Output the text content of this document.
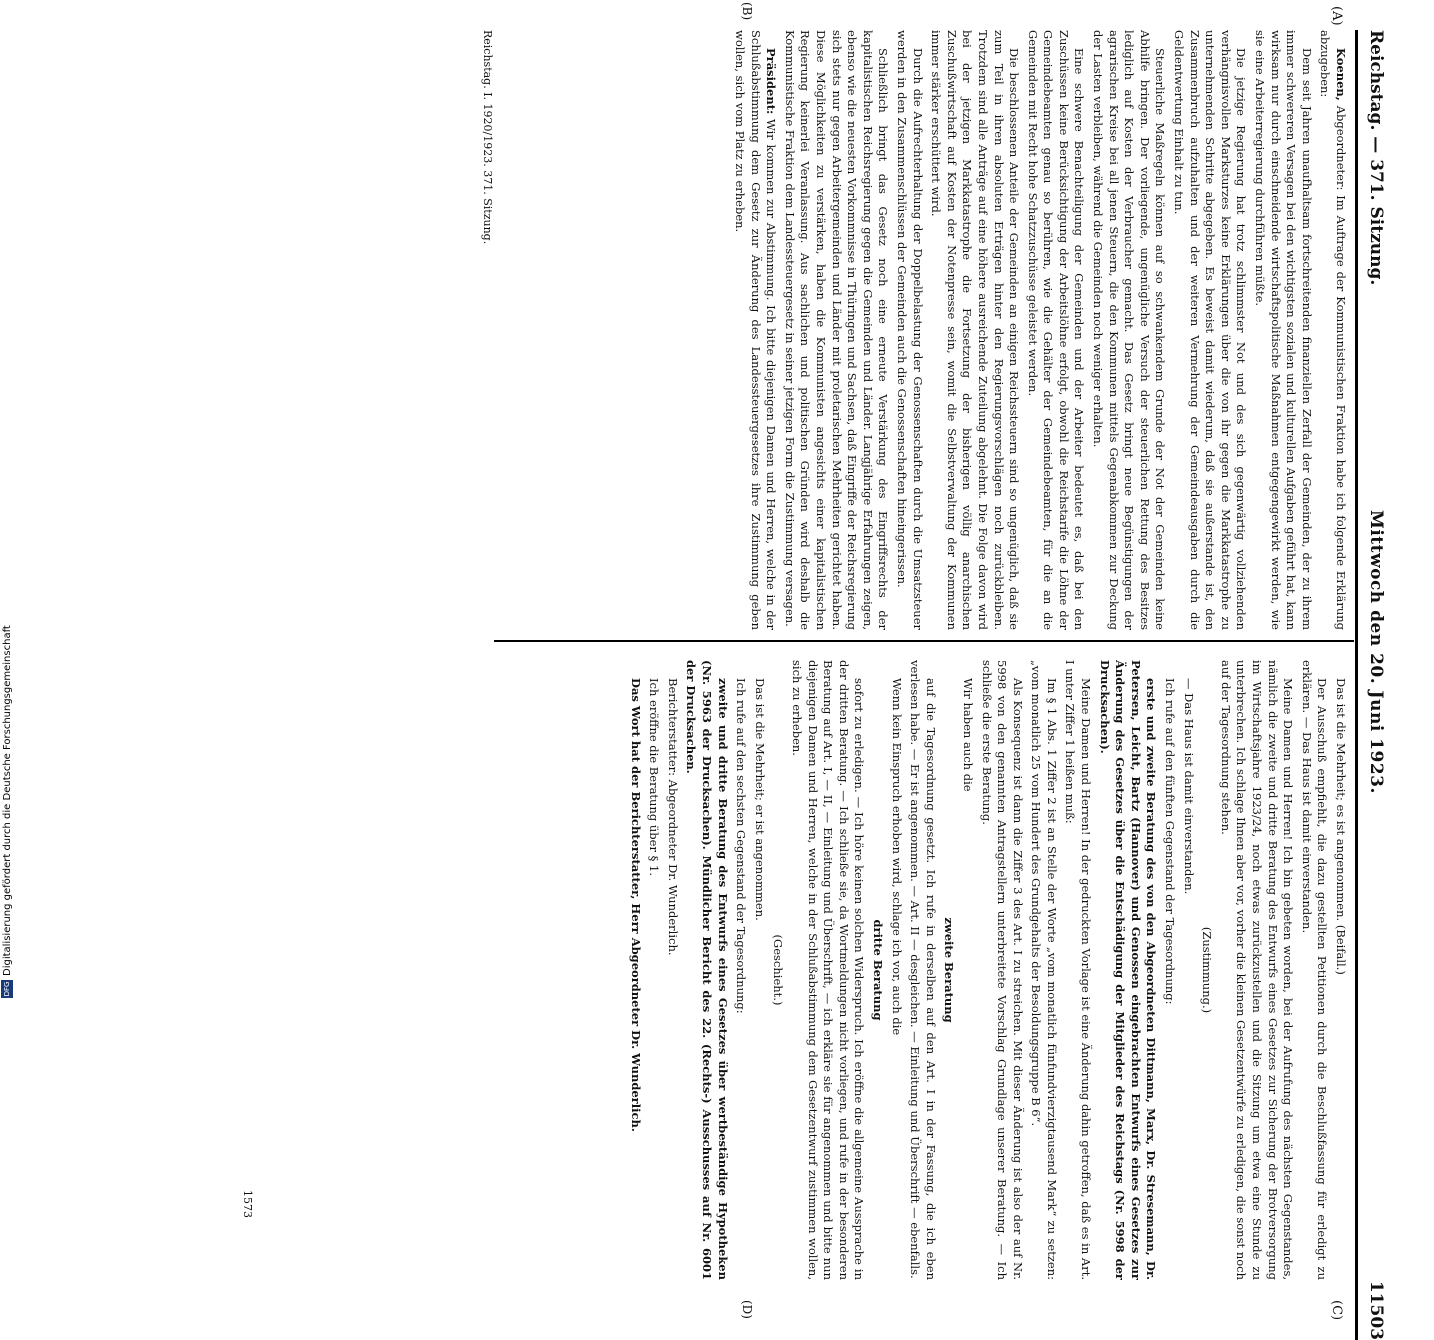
Reichstag. — 371. Sitzung.
Mittwoch den 20. Juni 1923.
11503
(A)
(B)
(C)
(D)

Koenen, Abgeordneter: Im Auftrage der Kommunistischen Fraktion habe ich folgende Erklärung abzugeben:

Dem seit Jahren unaufhaltsam fortschreitenden finanziellen Zerfall der Gemeinden, der zu ihrem immer schwereren Versagen bei den wichtigsten sozialen und kulturellen Aufgaben geführt hat, kann wirksam nur durch einschneidende wirtschaftspolitische Maßnahmen entgegengewirkt werden, wie sie eine Arbeiterregierung durchführen müßte.

Die jetzige Regierung hat trotz schlimmster Not und des sich gegenwärtig vollziehenden verhängnisvollen Marksturzes keine Erklärungen über die von ihr gegen die Markkatastrophe zu unternehmenden Schritte abgegeben. Es beweist damit wiederum, daß sie außerstande ist, den Zusammenbruch aufzuhalten und der weiteren Vermehrung der Gemeindeausgaben durch die Geldentwertung Einhalt zu tun.

Steuerliche Maßregeln können auf so schwankendem Grunde der Not der Gemeinden keine Abhilfe bringen. Der vorliegende, ungenügliche Versuch der steuerlichen Rettung des Besitzes lediglich auf Kosten der Verbraucher gemacht. Das Gesetz bringt neue Begünstigungen der agrarischen Kreise bei all jenen Steuern, die den Kommunen mittels Gegenabkommen zur Deckung der Lasten verbleiben, während die Gemeinden noch weniger erhalten.

Eine schwere Benachteiligung der Gemeinden und der Arbeiter bedeutet es, daß bei den Zuschüssen keine Berücksichtigung der Arbeitslöhne erfolgt, obwohl die Reichstarife die Löhne der Gemeindebeamten genau so berühren, wie die Gehälter der Gemeindebeamten, für die an die Gemeinden mit Recht hohe Schatzzuschüsse geleistet werden.

Die beschlossenen Anteile der Gemeinden an einigen Reichssteuern sind so ungenüglich, daß sie zum Teil in ihren absoluten Erträgen hinter den Regierungsvorschlägen noch zurückbleiben. Trotzdem sind alle Anträge auf eine höhere ausreichende Zuteilung abgelehnt. Die Folge davon wird bei der jetzigen Markkatastrophe die Fortsetzung der bisherigen völlig anarchischen Zuschußwirtschaft auf Kosten der Notenpresse sein, womit die Selbstverwaltung der Kommunen immer stärker erschüttert wird.

Durch die Aufrechterhaltung der Doppelbelastung der Genossenschaften durch die Umsatzsteuer werden in den Zusammenschlüssen der Gemeinden auch die Genossenschaften hineingerissen.

Schließlich bringt das Gesetz noch eine erneute Verstärkung des Eingriffsrechts der kapitalistischen Reichsregierung gegen die Gemeinden und Länder. Langjährige Erfahrungen zeigen, ebenso wie die neuesten Vorkommnisse in Thüringen und Sachsen, daß Eingriffe der Reichsregierung sich stets nur gegen Arbeitergemeinden und Länder mit proletarischen Mehrheiten gerichtet haben. Diese Möglichkeiten zu verstärken, haben die Kommunisten angesichts einer kapitalistischen Regierung keinerlei Veranlassung. Aus sachlichen und politischen Gründen wird deshalb die Kommunistische Fraktion dem Landessteuergesetz in seiner jetzigen Form die Zustimmung versagen.

Präsident: Wir kommen zur Abstimmung. Ich bitte diejenigen Damen und Herren, welche in der Schlußabstimmung dem Gesetz zur Änderung des Landessteuergesetzes ihre Zustimmung geben wollen, sich vom Platz zu erheben.

Das ist die Mehrheit; es ist angenommen. (Beifall.)

Der Ausschuß empfiehlt, die dazu gestellten Petitionen durch die Beschlußfassung für erledigt zu erklären. — Das Haus ist damit einverstanden.

Meine Damen und Herren! Ich bin gebeten worden, bei der Aufrufung des nächsten Gegenstandes, nämlich die zweite und dritte Beratung des Entwurfs eines Gesetzes zur Sicherung der Brotversorgung im Wirtschaftsjahre 1923/24, noch etwas zurückzustellen und die Sitzung um etwa eine Stunde zu unterbrechen. Ich schlage Ihnen aber vor, vorher die kleinen Gesetzentwürfe zu erledigen, die sonst noch auf der Tagesordnung stehen.

(Zustimmung.)

— Das Haus ist damit einverstanden.

Ich rufe auf den fünften Gegenstand der Tagesordnung:

erste und zweite Beratung des von den Abgeordneten Dittmann, Marx, Dr. Stresemann, Dr. Petersen, Leicht, Bartz (Hannover) und Genossen eingebrachten Entwurfs eines Gesetzes zur Änderung des Gesetzes über die Entschädigung der Mitglieder des Reichstags (Nr. 5998 der Drucksachen).

Meine Damen und Herren! In der gedruckten Vorlage ist eine Änderung dahin getroffen, daß es in Art. I unter Ziffer 1 heißen muß:

Im § 1 Abs. 1 Ziffer 2 ist an Stelle der Worte „vom monatlich fünfundvierzigtausend Mark“ zu setzen: „vom monatlich 25 vom Hundert des Grundgehalts der Besoldungsgruppe B 6“.

Als Konsequenz ist dann die Ziffer 3 des Art. I zu streichen. Mit dieser Änderung ist also der auf Nr. 5998 von den genannten Antragstellern unterbreitete Vorschlag Grundlage unserer Beratung. — Ich schließe die erste Beratung.

Wir haben auch die

zweite Beratung

auf die Tagesordnung gesetzt. Ich rufe in derselben auf den Art. I in der Fassung, die ich eben verlesen habe. — Er ist angenommen. — Art. II — desgleichen. — Einleitung und Überschrift — ebenfalls.

Wenn kein Einspruch erhoben wird, schlage ich vor, auch die

dritte Beratung

sofort zu erledigen. — Ich höre keinen solchen Widerspruch. Ich eröffne die allgemeine Aussprache in der dritten Beratung. — Ich schließe sie, da Wortmeldungen nicht vorliegen, und rufe in der besonderen Beratung auf Art. I, — II, — Einleitung und Überschrift, — ich erkläre sie für angenommen und bitte nun diejenigen Damen und Herren, welche in der Schlußabstimmung dem Gesetzentwurf zustimmen wollen, sich zu erheben.

(Geschieht.)

Das ist die Mehrheit; er ist angenommen.

Ich rufe auf den sechsten Gegenstand der Tagesordnung:

zweite und dritte Beratung des Entwurfs eines Gesetzes über wertbeständige Hypotheken (Nr. 5963 der Drucksachen). Mündlicher Bericht des 22. (Rechts-) Ausschusses auf Nr. 6001 der Drucksachen.

Berichterstatter: Abgeordneter Dr. Wunderlich.

Ich eröffne die Beratung über § 1.

Das Wort hat der Berichterstatter, Herr Abgeordneter Dr. Wunderlich.

Reichstag. I. 1920/1923. 371. Sitzung.
1573
DFG
Digitalisierung gefördert durch die Deutsche Forschungsgemeinschaft
